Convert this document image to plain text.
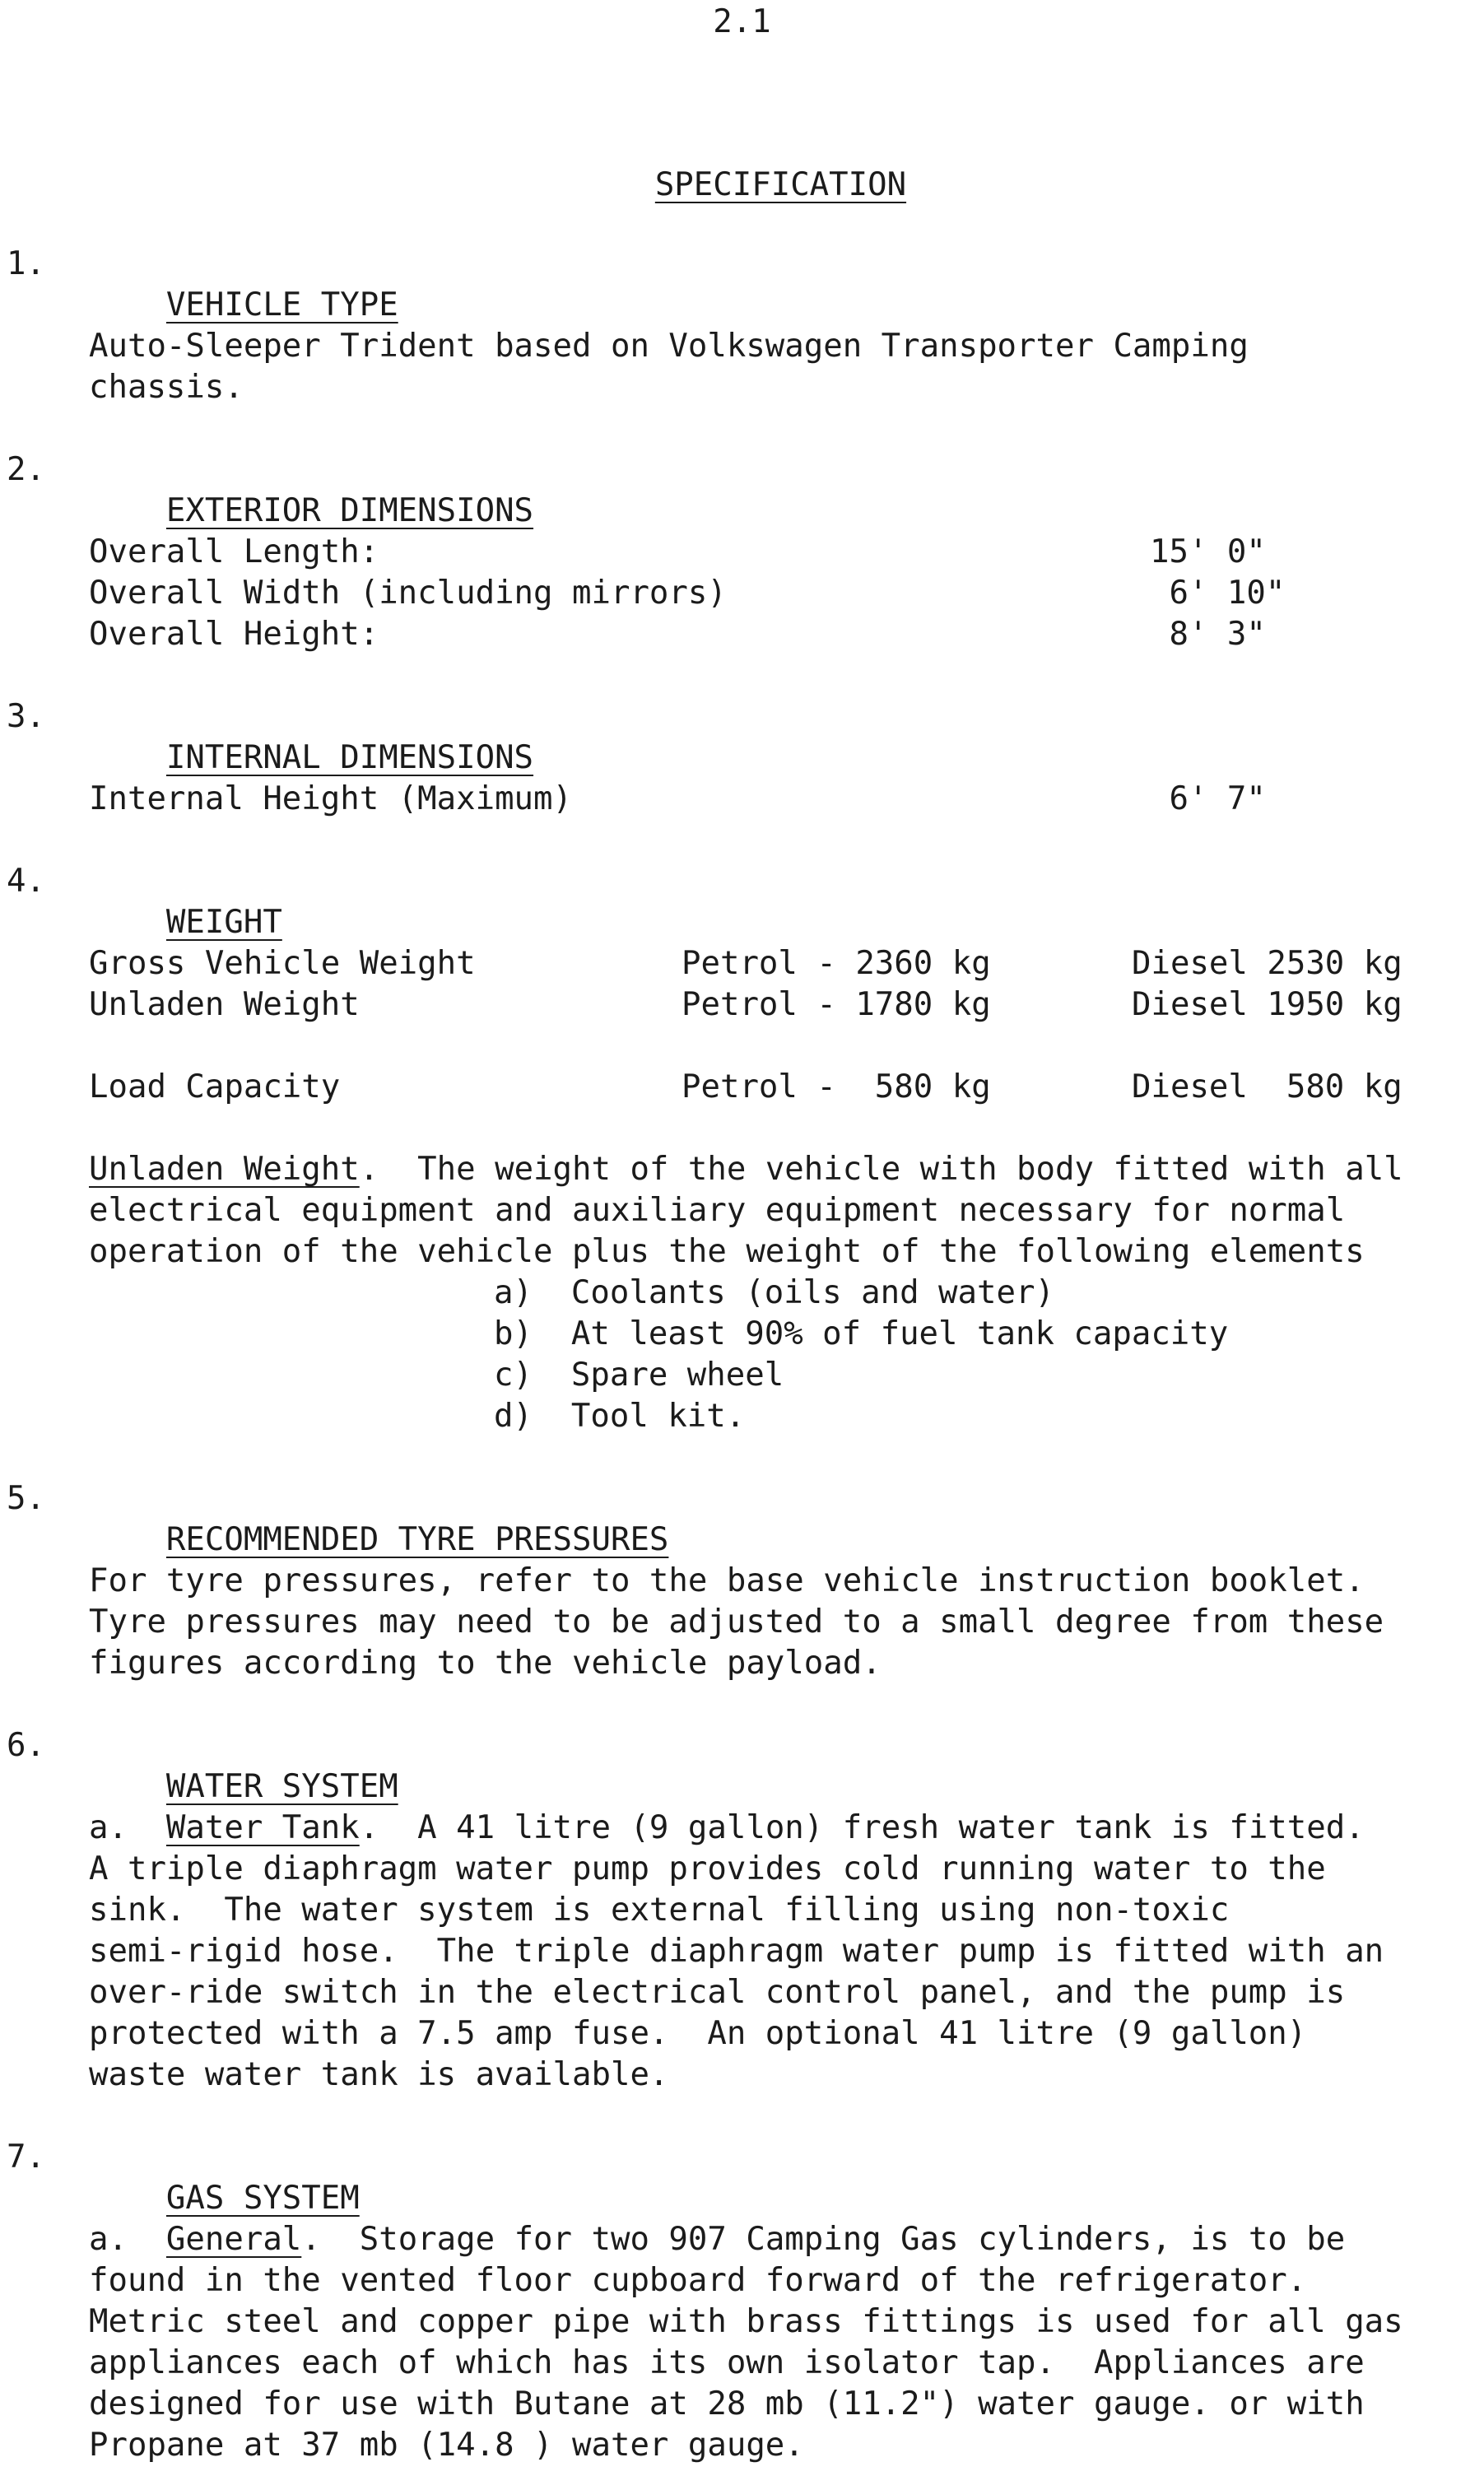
2.1

SPECIFICATION

1.

VEHICLE TYPE

Auto-Sleeper Trident based on Volkswagen Transporter Camping
chassis.
2.

EXTERIOR DIMENSIONS

Overall Length:	15' 0"
Overall Width (including mirrors)	6' 10"
Overall Height:	8' 3"
3.

INTERNAL DIMENSIONS

Internal Height (Maximum)	6' 7"
4.

WEIGHT

Gross Vehicle Weight	Petrol - 2360 kg	Diesel 2530 kg
Unladen Weight	Petrol - 1780 kg	Diesel 1950 kg
Load Capacity	Petrol -  580 kg	Diesel  580 kg
Unladen Weight.  The weight of the vehicle with body fitted with all
electrical equipment and auxiliary equipment necessary for normal
operation of the vehicle plus the weight of the following elements
a)  Coolants (oils and water)
b)  At least 90% of fuel tank capacity
c)  Spare wheel
d)  Tool kit.
5.

RECOMMENDED TYRE PRESSURES

For tyre pressures, refer to the base vehicle instruction booklet.
Tyre pressures may need to be adjusted to a small degree from these
figures according to the vehicle payload.
6.

WATER SYSTEM

a.  Water Tank.  A 41 litre (9 gallon) fresh water tank is fitted.
A triple diaphragm water pump provides cold running water to the
sink.  The water system is external filling using non-toxic
semi-rigid hose.  The triple diaphragm water pump is fitted with an
over-ride switch in the electrical control panel, and the pump is
protected with a 7.5 amp fuse.  An optional 41 litre (9 gallon)
waste water tank is available.
7.

GAS SYSTEM

a.  General.  Storage for two 907 Camping Gas cylinders, is to be
found in the vented floor cupboard forward of the refrigerator.
Metric steel and copper pipe with brass fittings is used for all gas
appliances each of which has its own isolator tap.  Appliances are
designed for use with Butane at 28 mb (11.2") water gauge. or with
Propane at 37 mb (14.8 ) water gauge.
